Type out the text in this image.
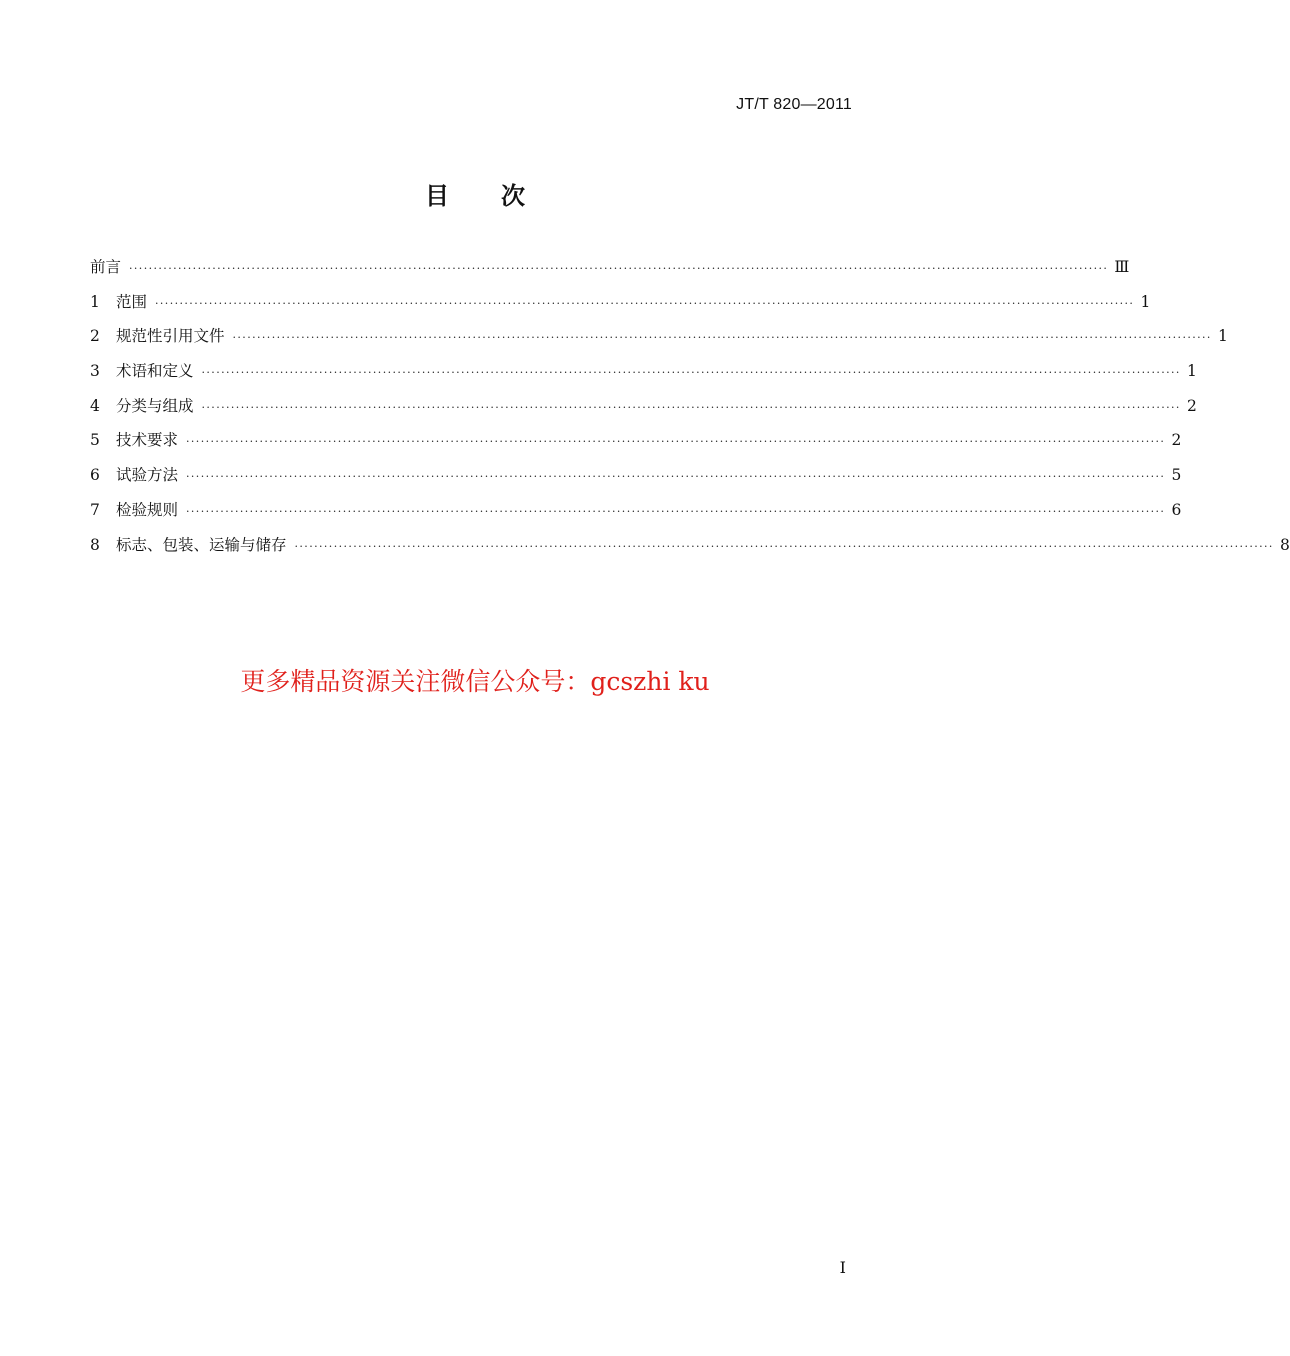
JT/T 820—2011
目 次
前言 ········································································································································································································ Ⅲ
1	范围 ········································································································································································································ 1
2	规范性引用文件 ········································································································································································································ 1
3	术语和定义 ········································································································································································································ 1
4	分类与组成 ········································································································································································································ 2
5	技术要求 ········································································································································································································ 2
6	试验方法 ········································································································································································································ 5
7	检验规则 ········································································································································································································ 6
8	标志、包装、运输与储存 ········································································································································································································ 8
更多精品资源关注微信公众号：gcszhi ku
Ⅰ
